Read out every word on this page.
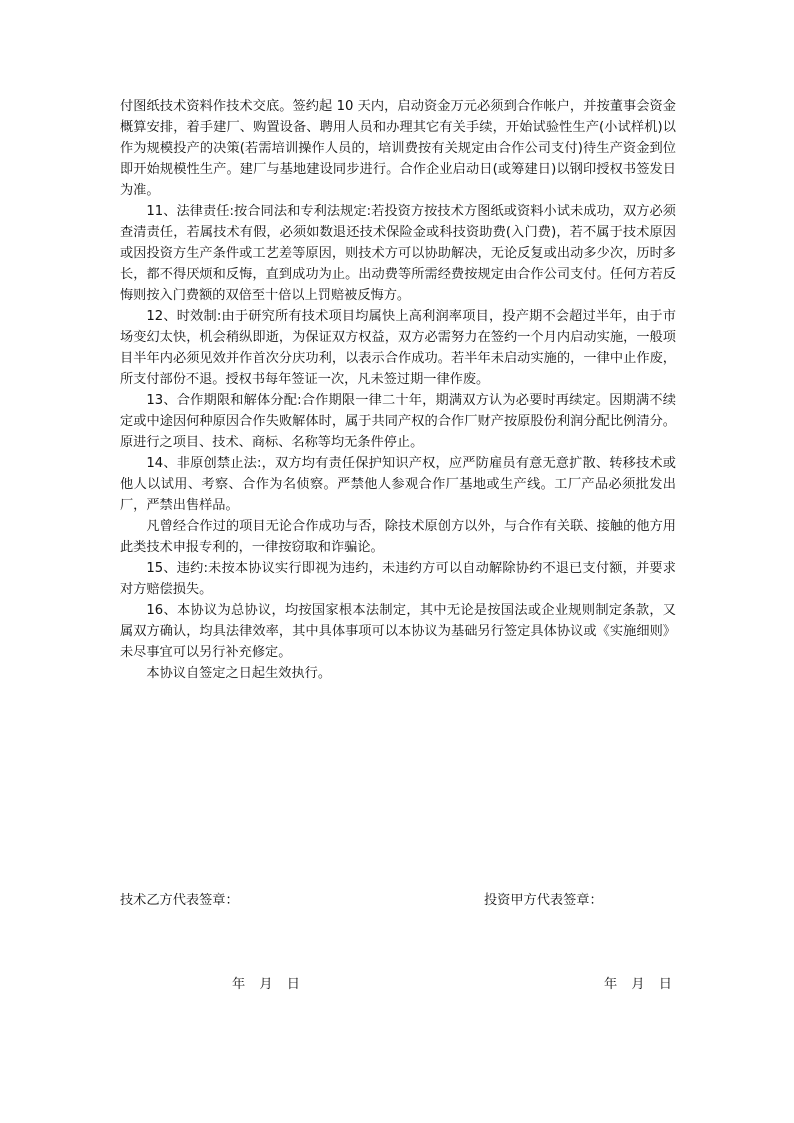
付图纸技术资料作技术交底。签约起 10 天内，启动资金万元必须到合作帐户，并按董事会资金概算安排，着手建厂、购置设备、聘用人员和办理其它有关手续，开始试验性生产(小试样机)以作为规模投产的决策(若需培训操作人员的，培训费按有关规定由合作公司支付)待生产资金到位即开始规模性生产。建厂与基地建设同步进行。合作企业启动日(或筹建日)以钢印授权书签发日为准。

11、法律责任:按合同法和专利法规定:若投资方按技术方图纸或资料小试未成功，双方必须查清责任，若属技术有假，必须如数退还技术保险金或科技资助费(入门费)，若不属于技术原因或因投资方生产条件或工艺差等原因，则技术方可以协助解决，无论反复或出动多少次，历时多长，都不得厌烦和反悔，直到成功为止。出动费等所需经费按规定由合作公司支付。任何方若反悔则按入门费额的双倍至十倍以上罚赔被反悔方。

12、时效制:由于研究所有技术项目均属快上高利润率项目，投产期不会超过半年，由于市场变幻太快，机会稍纵即逝，为保证双方权益，双方必需努力在签约一个月内启动实施，一般项目半年内必须见效并作首次分庆功利，以表示合作成功。若半年未启动实施的，一律中止作废，所支付部份不退。授权书每年签证一次，凡未签过期一律作废。

13、合作期限和解体分配:合作期限一律二十年，期满双方认为必要时再续定。因期满不续定或中途因何种原因合作失败解体时，属于共同产权的合作厂财产按原股份利润分配比例清分。原进行之项目、技术、商标、名称等均无条件停止。

14、非原创禁止法:，双方均有责任保护知识产权，应严防雇员有意无意扩散、转移技术或他人以试用、考察、合作为名侦察。严禁他人参观合作厂基地或生产线。工厂产品必须批发出厂，严禁出售样品。

凡曾经合作过的项目无论合作成功与否，除技术原创方以外，与合作有关联、接触的他方用此类技术申报专利的，一律按窃取和诈骗论。

15、违约:未按本协议实行即视为违约，未违约方可以自动解除协约不退已支付额，并要求对方赔偿损失。

16、本协议为总协议，均按国家根本法制定，其中无论是按国法或企业规则制定条款，又属双方确认，均具法律效率，其中具体事项可以本协议为基础另行签定具体协议或《实施细则》 未尽事宜可以另行补充修定。

本协议自签定之日起生效执行。

技术乙方代表签章：	投资甲方代表签章：
年 月 日	年 月 日
